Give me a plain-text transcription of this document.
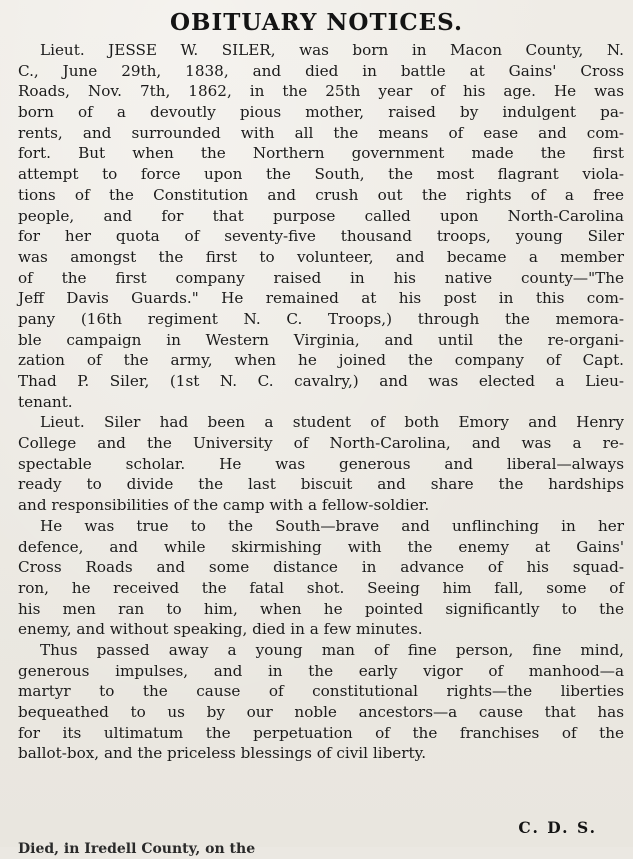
OBITUARY NOTICES.

Lieut. JESSE W. SILER, was born in Macon County, N.
C., June 29th, 1838, and died in battle at Gains' Cross
Roads, Nov. 7th, 1862, in the 25th year of his age. He was
born of a devoutly pious mother, raised by indulgent pa-
rents, and surrounded with all the means of ease and com-
fort. But when the Northern government made the first
attempt to force upon the South, the most flagrant viola-
tions of the Constitution and crush out the rights of a free
people, and for that purpose called upon North-Carolina
for her quota of seventy-five thousand troops, young Siler
was amongst the first to volunteer, and became a member
of the first company raised in his native county—"The
Jeff Davis Guards." He remained at his post in this com-
pany (16th regiment N. C. Troops,) through the memora-
ble campaign in Western Virginia, and until the re-organi-
zation of the army, when he joined the company of Capt.
Thad P. Siler, (1st N. C. cavalry,) and was elected a Lieu-
tenant.

Lieut. Siler had been a student of both Emory and Henry
College and the University of North-Carolina, and was a re-
spectable scholar. He was generous and liberal—always
ready to divide the last biscuit and share the hardships
and responsibilities of the camp with a fellow-soldier.

He was true to the South—brave and unflinching in her
defence, and while skirmishing with the enemy at Gains'
Cross Roads and some distance in advance of his squad-
ron, he received the fatal shot. Seeing him fall, some of
his men ran to him, when he pointed significantly to the
enemy, and without speaking, died in a few minutes.

Thus passed away a young man of fine person, fine mind,
generous impulses, and in the early vigor of manhood—a
martyr to the cause of constitutional rights—the liberties
bequeathed to us by our noble ancestors—a cause that has
for its ultimatum the perpetuation of the franchises of the
ballot-box, and the priceless blessings of civil liberty.

C. D. S.
Died, in Iredell County, on the
